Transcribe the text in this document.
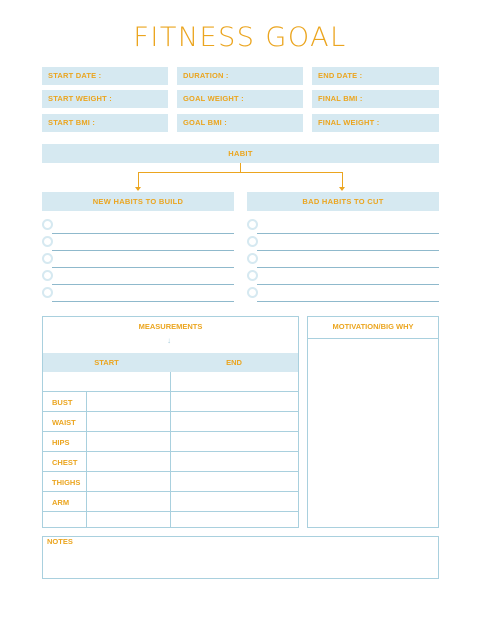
FITNESS GOAL
START DATE :	DURATION :	END DATE :
START WEIGHT :	GOAL WEIGHT :	FINAL BMI :
START BMI :	GOAL BMI :	FINAL WEIGHT :
HABIT
NEW HABITS TO BUILD	BAD HABITS TO CUT
MEASUREMENTS
↓
START	END
BUST
WAIST
HIPS
CHEST
THIGHS
ARM
MOTIVATION/BIG WHY
NOTES
